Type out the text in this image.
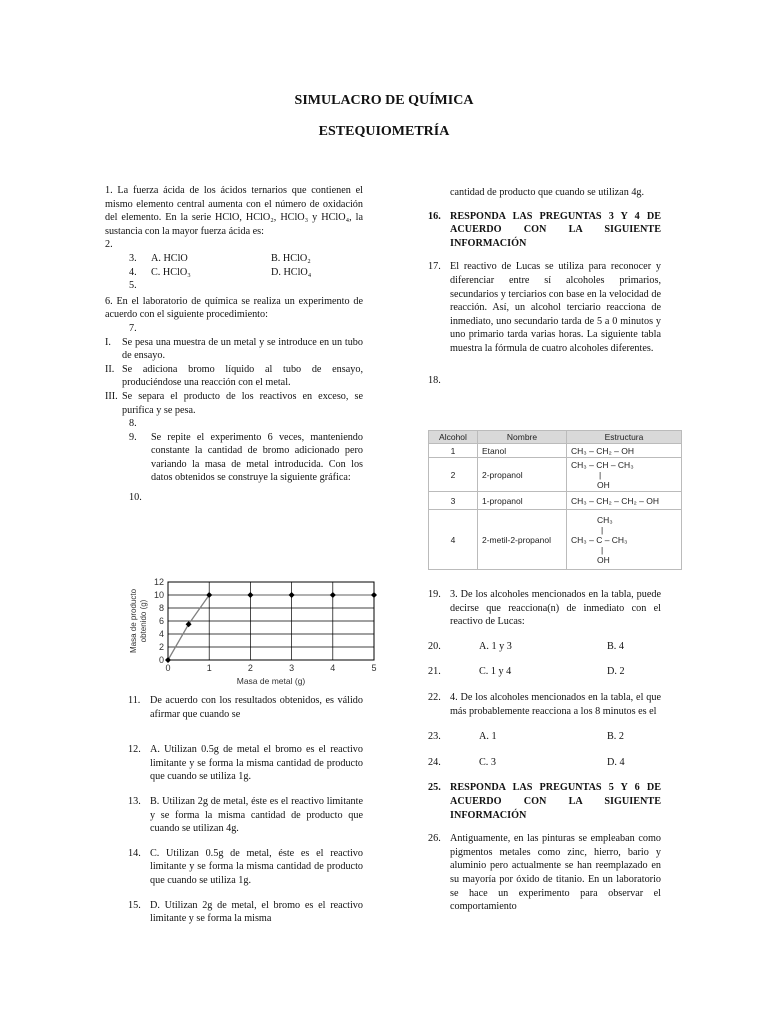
SIMULACRO DE QUÍMICA
ESTEQUIOMETRÍA
1. La fuerza ácida de los ácidos ternarios que contienen el mismo elemento central aumenta con el número de oxidación del elemento. En la serie HClO, HClO₂, HClO₃ y HClO₄, la sustancia con la mayor fuerza ácida es:
2.
3.	A. HClO	B. HClO₂
4.	C. HClO₃	D. HClO₄
5.
6. En el laboratorio de química se realiza un experimento de acuerdo con el siguiente procedimiento:
7.
I.	Se pesa una muestra de un metal y se introduce en un tubo de ensayo.
II. Se adiciona bromo líquido al tubo de ensayo, produciéndose una reacción con el metal.
III. Se separa el producto de los reactivos en exceso, se purifica y se pesa.
8.
9.	Se repite el experimento 6 veces, manteniendo constante la cantidad de bromo adicionado pero variando la masa de metal introducida. Con los datos obtenidos se construye la siguiente gráfica:
10.
0
2
4
6
8
10
12
0	1	2	3	4	5
Masa de metal (g)
Masa de productoobtenido (g)
11. De acuerdo con los resultados obtenidos, es válido afirmar que cuando se
12. A. Utilizan 0.5g de metal el bromo es el reactivo limitante y se forma la misma cantidad de producto que cuando se utiliza 1g.
13. B. Utilizan 2g de metal, éste es el reactivo limitante y se forma la misma cantidad de producto que cuando se utilizan 4g.
14. C. Utilizan 0.5g de metal, éste es el reactivo limitante y se forma la misma cantidad de producto que cuando se utiliza 1g.
15. D. Utilizan 2g de metal, el bromo es el reactivo limitante y se forma la misma
cantidad de producto que cuando se utilizan 4g.
16. RESPONDA LAS PREGUNTAS 3 Y 4 DE ACUERDO CON LA SIGUIENTE INFORMACIÓN
17. El reactivo de Lucas se utiliza para reconocer y diferenciar entre sí alcoholes primarios, secundarios y terciarios con base en la velocidad de reacción. Así, un alcohol terciario reacciona de inmediato, uno secundario tarda de 5 a 0 minutos y uno primario tarda varias horas. La siguiente tabla muestra la fórmula de cuatro alcoholes diferentes.
18.
Alcohol	Nombre	Estructura
1	Etanol	CH₃ – CH₂ – OH

2	2-propanol	CH₃ – CH – CH₃
|
OH

3	1-propanol	CH₃ – CH₂ – CH₂ – OH

4	2-metil-2-propanol	CH₃
|
CH₃ – C – CH₃
|
OH
19. 3. De los alcoholes mencionados en la tabla, puede decirse que reacciona(n) de inmediato con el reactivo de Lucas:
20.	A. 1 y 3	B. 4
21.	C. 1 y 4	D. 2
22. 4. De los alcoholes mencionados en la tabla, el que más probablemente reacciona a los 8 minutos es el
23.	A. 1	B. 2
24.	C. 3	D. 4
25. RESPONDA LAS PREGUNTAS 5 Y 6 DE ACUERDO CON LA SIGUIENTE INFORMACIÓN
26. Antiguamente, en las pinturas se empleaban como pigmentos metales como zinc, hierro, bario y aluminio pero actualmente se han reemplazado en su mayoría por óxido de titanio. En un laboratorio se hace un experimento para observar el comportamiento
